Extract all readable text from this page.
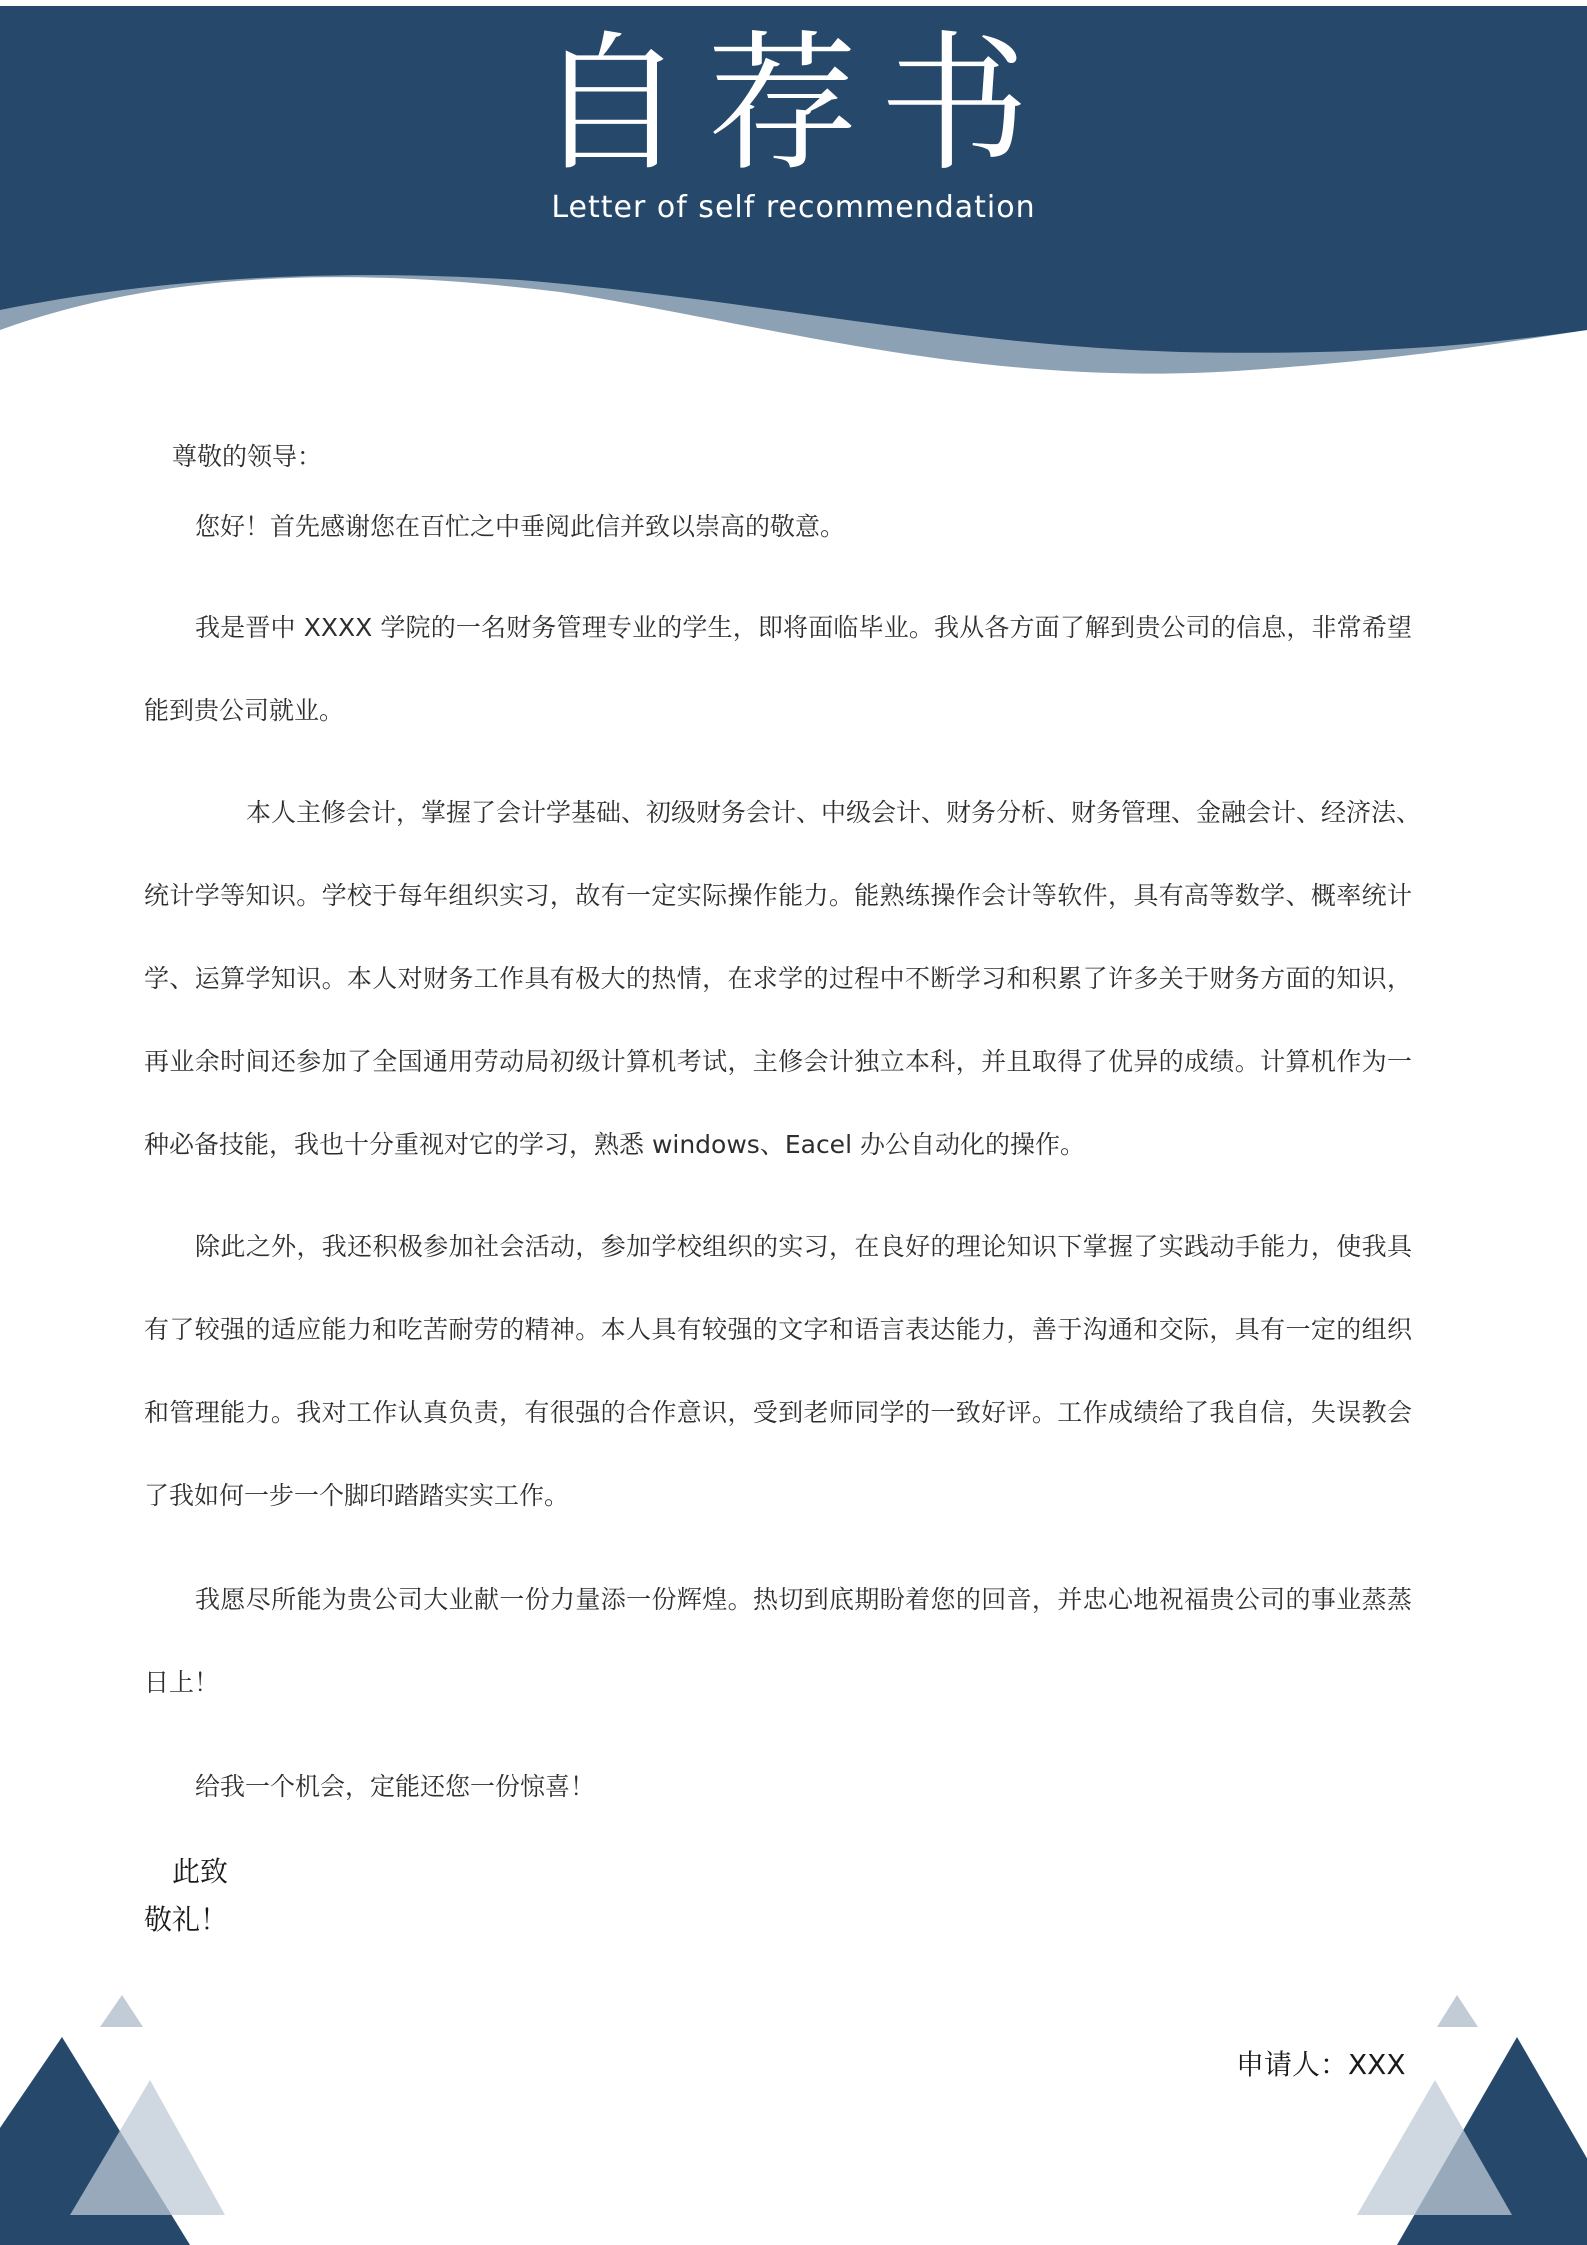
自荐书
Letter of self recommendation
尊敬的领导：
您好！首先感谢您在百忙之中垂阅此信并致以崇高的敬意。
我是晋中 XXXX 学院的一名财务管理专业的学生，即将面临毕业。我从各方面了解到贵公司的信息，非常希望
能到贵公司就业。
本人主修会计，掌握了会计学基础、初级财务会计、中级会计、财务分析、财务管理、金融会计、经济法、
统计学等知识。学校于每年组织实习，故有一定实际操作能力。能熟练操作会计等软件，具有高等数学、概率统计
学、运算学知识。本人对财务工作具有极大的热情，在求学的过程中不断学习和积累了许多关于财务方面的知识，
再业余时间还参加了全国通用劳动局初级计算机考试，主修会计独立本科，并且取得了优异的成绩。计算机作为一
种必备技能，我也十分重视对它的学习，熟悉 windows、Eacel 办公自动化的操作。
除此之外，我还积极参加社会活动，参加学校组织的实习，在良好的理论知识下掌握了实践动手能力，使我具
有了较强的适应能力和吃苦耐劳的精神。本人具有较强的文字和语言表达能力，善于沟通和交际，具有一定的组织
和管理能力。我对工作认真负责，有很强的合作意识，受到老师同学的一致好评。工作成绩给了我自信，失误教会
了我如何一步一个脚印踏踏实实工作。
我愿尽所能为贵公司大业献一份力量添一份辉煌。热切到底期盼着您的回音，并忠心地祝福贵公司的事业蒸蒸
日上！
给我一个机会，定能还您一份惊喜！
此致
敬礼！
申请人：XXX
